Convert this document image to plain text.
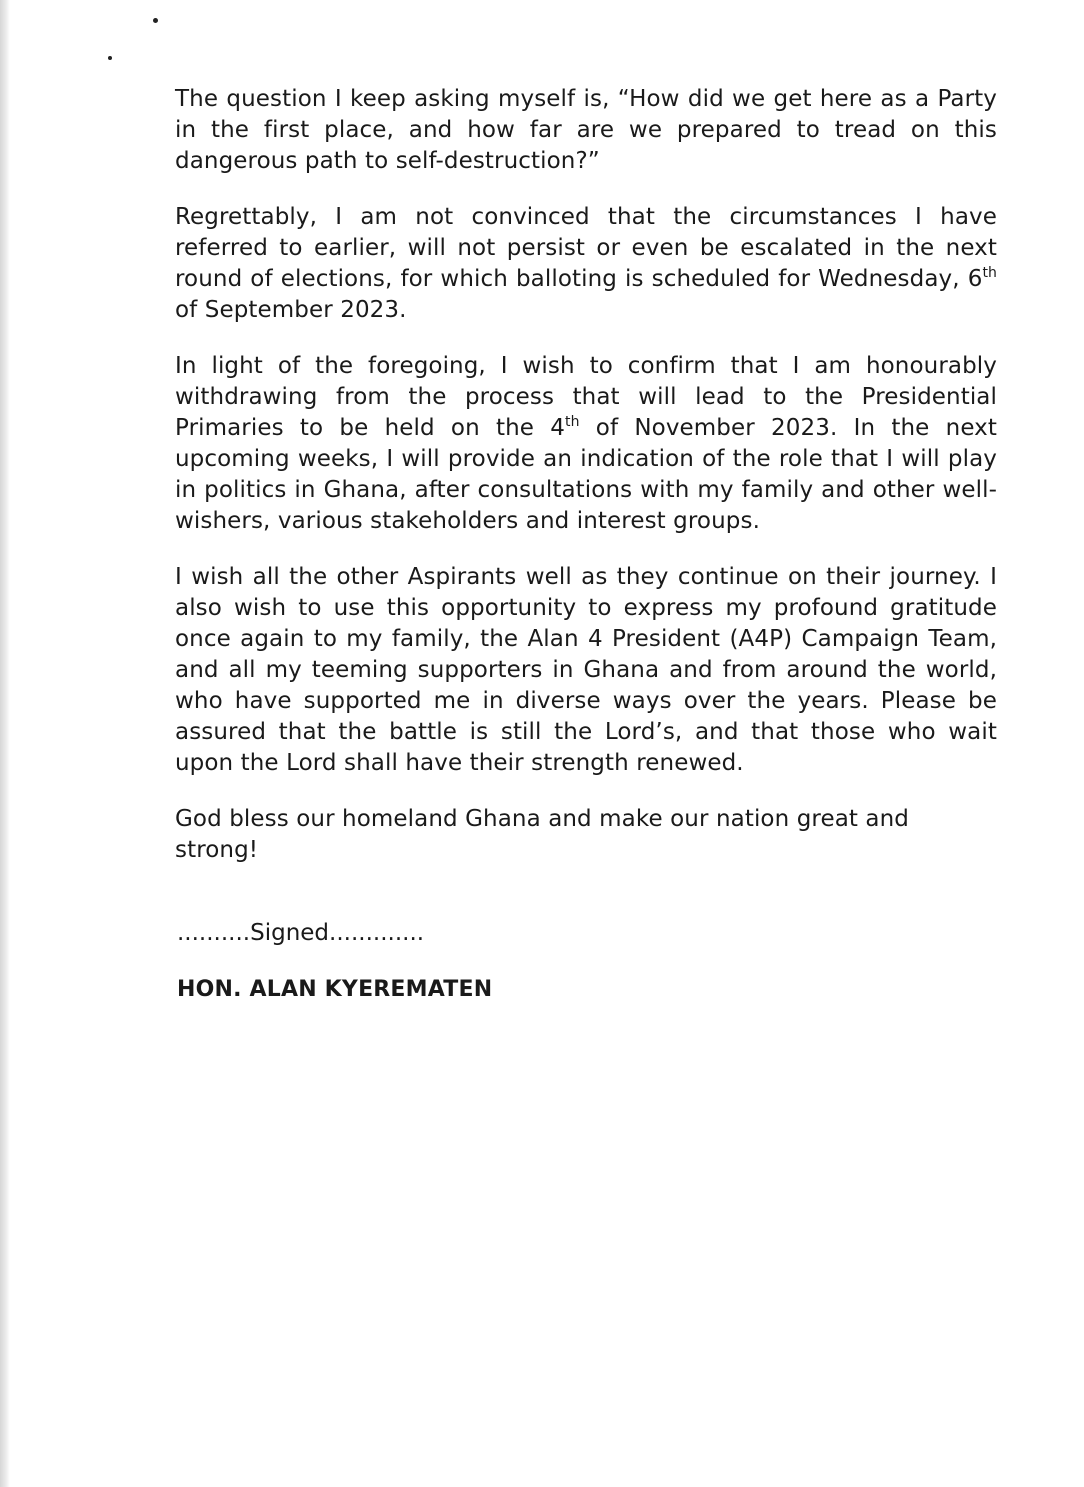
The question I keep asking myself is, “How did we get here as a Party in the first place, and how far are we prepared to tread on this dangerous path to self-destruction?”

Regrettably, I am not convinced that the circumstances I have referred to earlier, will not persist or even be escalated in the next round of elections, for which balloting is scheduled for Wednesday, 6th of September 2023.

In light of the foregoing, I wish to confirm that I am honourably withdrawing from the process that will lead to the Presidential Primaries to be held on the 4th of November 2023. In the next upcoming weeks, I will provide an indication of the role that I will play in politics in Ghana, after consultations with my family and other well-wishers, various stakeholders and interest groups.

I wish all the other Aspirants well as they continue on their journey. I also wish to use this opportunity to express my profound gratitude once again to my family, the Alan 4 President (A4P) Campaign Team, and all my teeming supporters in Ghana and from around the world, who have supported me in diverse ways over the years. Please be assured that the battle is still the Lord’s, and that those who wait upon the Lord shall have their strength renewed.

God bless our homeland Ghana and make our nation great and strong!

..........Signed.............
HON. ALAN KYEREMATEN
